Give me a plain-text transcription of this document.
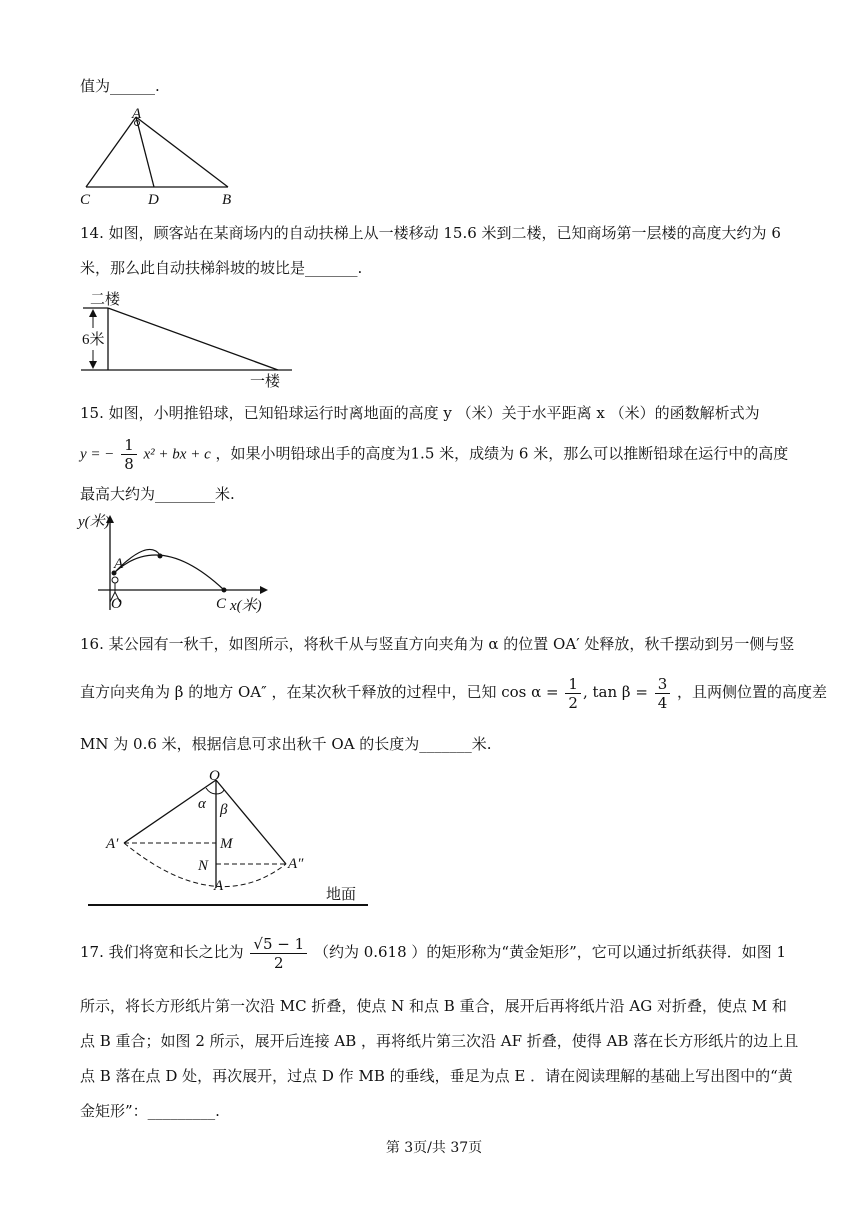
值为______.
A
C	D	B
14. 如图，顾客站在某商场内的自动扶梯上从一楼移动 15.6 米到二楼，已知商场第一层楼的高度大约为 6
米，那么此自动扶梯斜坡的坡比是_______.
二楼
6米
一楼
15. 如图，小明推铅球，已知铅球运行时离地面的高度 y （米）关于水平距离 x （米）的函数解析式为
y = − $\frac{1}{8} x^2$ + bx + c ，如果小明铅球出手的高度为1.5 米，成绩为 6 米，那么可以推断铅球在运行中的高度
最高大约为________米.
y(米)
x(米)
A
O	C
16. 某公园有一秋千，如图所示，将秋千从与竖直方向夹角为 α 的位置 OA′ 处释放，秋千摆动到另一侧与竖
直方向夹角为 β 的地方 OA″ ，在某次秋千释放的过程中，已知 $\cos \alpha = \frac{1}{2}$ , $\tan \beta = \frac{3}{4}$ ，且两侧位置的高度差
MN 为 0.6 米，根据信息可求出秋千 OA 的长度为_______米.
O
α β
A′	M
N	A″
A
地面
17. 我们将宽和长之比为 $\frac{√5 - 1}{2}$ （约为 0.618 ）的矩形称为“黄金矩形”，它可以通过折纸获得．如图 1
所示，将长方形纸片第一次沿 MC 折叠，使点 N 和点 B 重合，展开后再将纸片沿 AG 对折叠，使点 M 和
点 B 重合；如图 2 所示，展开后连接 AB ，再将纸片第三次沿 AF 折叠，使得 AB 落在长方形纸片的边上且
点 B 落在点 D 处，再次展开，过点 D 作 MB 的垂线，垂足为点 E ．请在阅读理解的基础上写出图中的“黄
金矩形”：_________.
第 3页/共 37页
